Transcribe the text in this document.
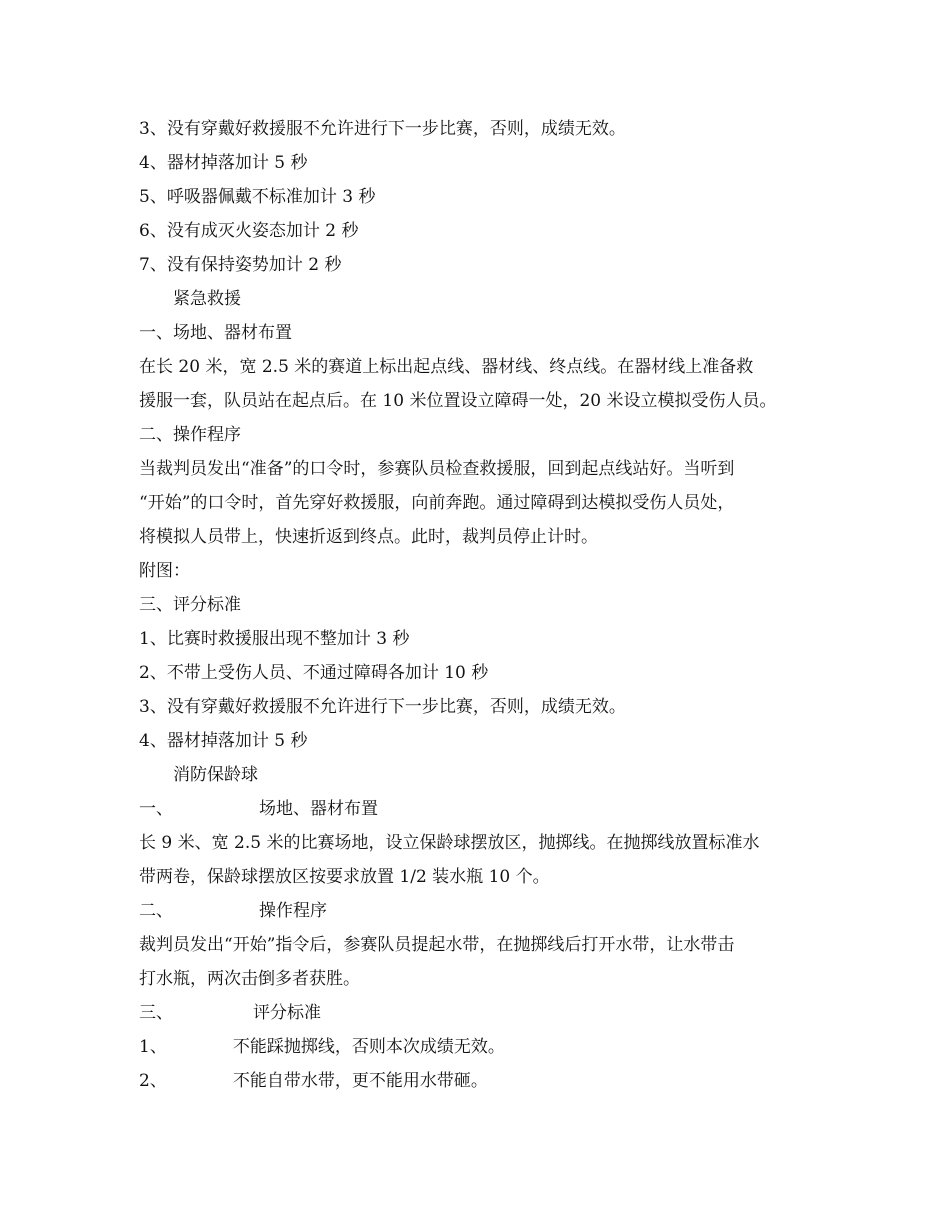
3、没有穿戴好救援服不允许进行下一步比赛，否则，成绩无效。
4、器材掉落加计 5 秒
5、呼吸器佩戴不标准加计 3 秒
6、没有成灭火姿态加计 2 秒
7、没有保持姿势加计 2 秒
紧急救援
一、场地、器材布置
在长 20 米，宽 2.5 米的赛道上标出起点线、器材线、终点线。在器材线上准备救
援服一套，队员站在起点后。在 10 米位置设立障碍一处，20 米设立模拟受伤人员。
二、操作程序
当裁判员发出“准备”的口令时，参赛队员检查救援服，回到起点线站好。当听到
“开始”的口令时，首先穿好救援服，向前奔跑。通过障碍到达模拟受伤人员处，
将模拟人员带上，快速折返到终点。此时，裁判员停止计时。
附图：
三、评分标准
1、比赛时救援服出现不整加计 3 秒
2、不带上受伤人员、不通过障碍各加计 10 秒
3、没有穿戴好救援服不允许进行下一步比赛，否则，成绩无效。
4、器材掉落加计 5 秒
消防保龄球
一、	场地、器材布置
长 9 米、宽 2.5 米的比赛场地，设立保龄球摆放区，抛掷线。在抛掷线放置标准水
带两卷，保龄球摆放区按要求放置 1/2 装水瓶 10 个。
二、	操作程序
裁判员发出“开始”指令后，参赛队员提起水带，在抛掷线后打开水带，让水带击
打水瓶，两次击倒多者获胜。
三、	评分标准
1、	不能踩抛掷线，否则本次成绩无效。
2、	不能自带水带，更不能用水带砸。
